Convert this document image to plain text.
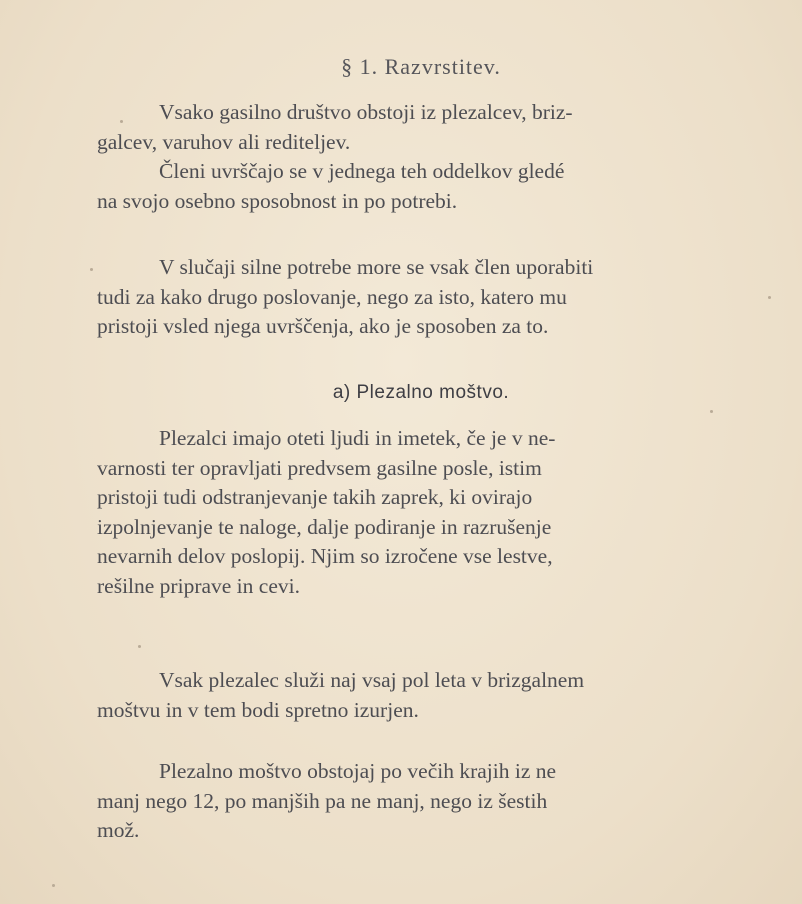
§ 1. Razvrstitev.

Vsako gasilno društvo obstoji iz plezalcev, briz-
galcev, varuhov ali rediteljev.
Členi uvrščajo se v jednega teh oddelkov gledé
na svojo osebno sposobnost in po potrebi.

V slučaji silne potrebe more se vsak člen uporabiti
tudi za kako drugo poslovanje, nego za isto, katero mu
pristoji vsled njega uvrščenja, ako je sposoben za to.

a) Plezalno moštvo.

Plezalci imajo oteti ljudi in imetek, če je v ne-
varnosti ter opravljati predvsem gasilne posle, istim
pristoji tudi odstranjevanje takih zaprek, ki ovirajo
izpolnjevanje te naloge, dalje podiranje in razrušenje
nevarnih delov poslopij. Njim so izročene vse lestve,
rešilne priprave in cevi.

Vsak plezalec služi naj vsaj pol leta v brizgalnem
moštvu in v tem bodi spretno izurjen.

Plezalno moštvo obstojaj po večih krajih iz ne
manj nego 12, po manjših pa ne manj, nego iz šestih
mož.
